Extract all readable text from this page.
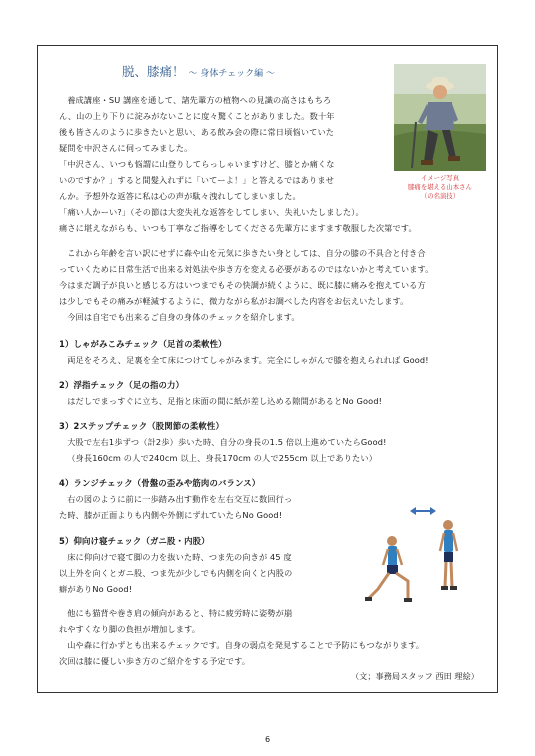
脱、膝痛！ ～ 身体チェック編 ～
イメージ写真
膝痛を堪える山本さん
（の名演技）
養成講座・SU 講座を通して、諸先輩方の植物への見識の高さはもちろ
ん、山の上り下りに淀みがないことに度々驚くことがありました。数十年
後も皆さんのように歩きたいと思い、ある飲み会の際に常日頃悩いていた
疑問を中沢さんに伺ってみました。
「中沢さん、いつも悩謂に山登りしてらっしゃいますけど、膝とか痛くな
いのですか？」すると間髪入れずに「いてーよ！」と答えるではありませ
んか。予想外な返答に私は心の声が駄々洩れしてしまいました。
「痛い人かーい?」（その節は大変失礼な返答をしてしまい、失礼いたしました）。
痛さに堪えながらも、いつも丁寧なご指導をしてくださる先輩方にますます敬服した次第です。
これから年齢を言い訳にせずに森や山を元気に歩きたい身としては、自分の膝の不具合と付き合
っていくために日常生活で出来る対処法や歩き方を変える必要があるのではないかと考えています。
今はまだ調子が良いと感じる方はいつまでもその快調が続くように、既に膝に痛みを抱えている方
は少しでもその痛みが軽減するように、微力ながら私がお調べした内容をお伝えいたします。
今回は自宅でも出来るご自身の身体のチェックを紹介します。
1）しゃがみこみチェック（足首の柔軟性）
両足をそろえ、足裏を全て床につけてしゃがみます。完全にしゃがんで膝を抱えられれば Good!
2）浮指チェック（足の指の力）
はだしでまっすぐに立ち、足指と床面の間に紙が差し込める隙間があるとNo Good!
3）2ステップチェック（股関節の柔軟性）
大股で左右1歩ずつ（計2歩）歩いた時、自分の身長の1.5 倍以上進めていたらGood!
（身長160cm の人で240cm 以上、身長170cm の人で255cm 以上でありたい）
4）ランジチェック（骨盤の歪みや筋肉のバランス）
右の図のように前に一歩踏み出す動作を左右交互に数回行っ
た時、膝が正面よりも内側や外側にずれていたらNo Good!
5）仰向け寝チェック（ガニ股・内股）
床に仰向けで寝て脚の力を抜いた時、つま先の向きが 45 度
以上外を向くとガニ股、つま先が少しでも内側を向くと内股の
癖がありNo Good!
他にも猫背や巻き肩の傾向があると、特に疲労時に姿勢が崩
れやすくなり脚の負担が増加します。
山や森に行かずとも出来るチェックです。自身の弱点を発見することで予防にもつながります。
次回は膝に優しい歩き方のご紹介をする予定です。
（文；事務局スタッフ 西田 理絵）
6
